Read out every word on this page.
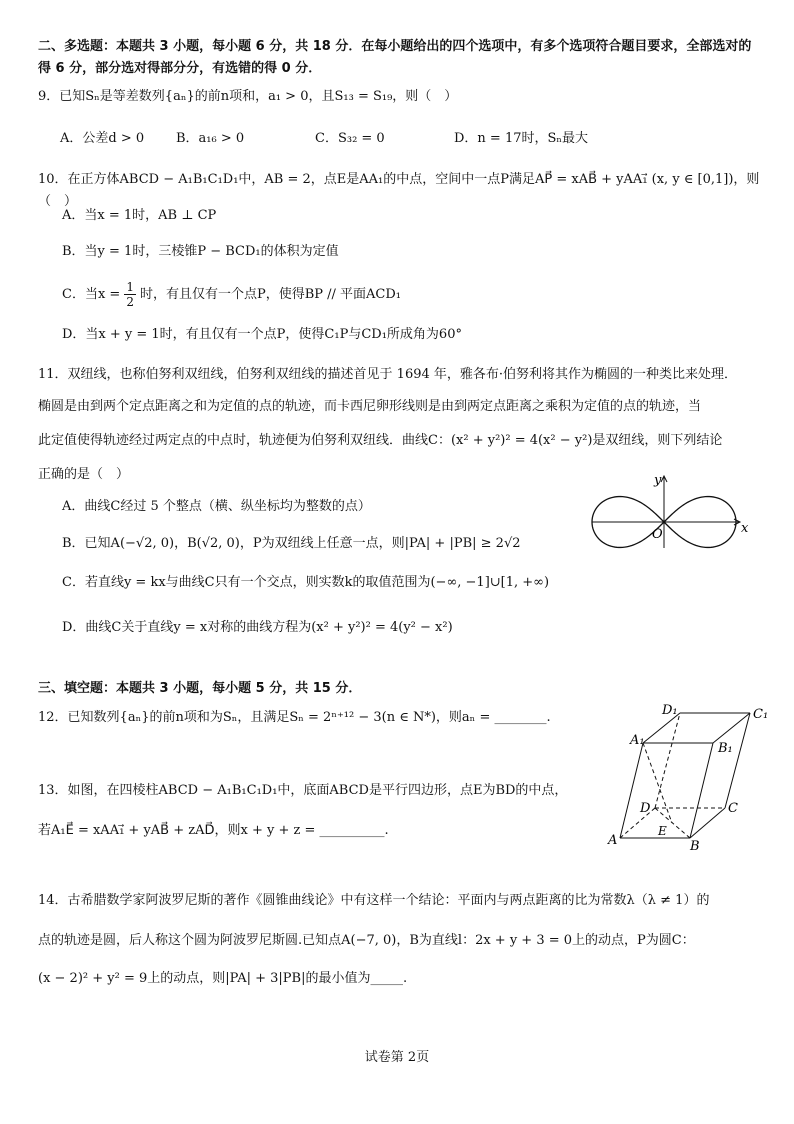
二、多选题：本题共 3 小题，每小题 6 分，共 18 分．在每小题给出的四个选项中，有多个选项符合题目要求，全部选对的得 6 分，部分选对得部分分，有选错的得 0 分．
9．已知Sₙ是等差数列{aₙ}的前n项和，a₁ > 0，且S₁₃ = S₁₉，则（　）
A．公差d > 0 B．a₁₆ > 0	C．S₃₂ = 0	D．n = 17时，Sₙ最大
10．在正方体ABCD − A₁B₁C₁D₁中，AB = 2，点E是AA₁的中点，空间中一点P满足AP⃗ = xAB⃗ + yAA₁⃗ (x, y ∈ [0,1])，则（　）
A．当x = 1时，AB ⊥ CP
B．当y = 1时，三棱锥P − BCD₁的体积为定值
C．当$x = \frac{1}{2}$ 时，有且仅有一个点P，使得BP // 平面ACD₁
D．当x + y = 1时，有且仅有一个点P，使得C₁P与CD₁所成角为60°
11．双纽线，也称伯努利双纽线，伯努利双纽线的描述首见于 1694 年，雅各布·伯努利将其作为椭圆的一种类比来处理．
椭圆是由到两个定点距离之和为定值的点的轨迹，而卡西尼卵形线则是由到两定点距离之乘积为定值的点的轨迹，当
此定值使得轨迹经过两定点的中点时，轨迹便为伯努利双纽线．曲线C：(x² + y²)² = 4(x² − y²)是双纽线，则下列结论
正确的是（　）
A．曲线C经过 5 个整点（横、纵坐标均为整数的点）
B．已知A(−√2, 0)，B(√2, 0)，P为双纽线上任意一点，则|PA| + |PB| ≥ 2√2
C．若直线y = kx与曲线C只有一个交点，则实数k的取值范围为(−∞, −1]∪[1, +∞)
D．曲线C关于直线y = x对称的曲线方程为(x² + y²)² = 4(y² − x²)
x
y
O
三、填空题：本题共 3 小题，每小题 5 分，共 15 分．
12．已知数列{aₙ}的前n项和为Sₙ，且满足Sₙ = 2ⁿ⁺¹² − 3(n ∈ N*)，则aₙ = ________.
13．如图，在四棱柱ABCD − A₁B₁C₁D₁中，底面ABCD是平行四边形，点E为BD的中点，
若A₁E⃗ = xAA₁⃗ + yAB⃗ + zAD⃗，则x + y + z = __________.
A	B
C
D
E
A₁
B₁
C₁
D₁
14．古希腊数学家阿波罗尼斯的著作《圆锥曲线论》中有这样一个结论：平面内与两点距离的比为常数λ（λ ≠ 1）的
点的轨迹是圆，后人称这个圆为阿波罗尼斯圆.已知点A(−7, 0)，B为直线l：2x + y + 3 = 0上的动点，P为圆C：
(x − 2)² + y² = 9上的动点，则|PA| + 3|PB|的最小值为_____.
试卷第 2页
